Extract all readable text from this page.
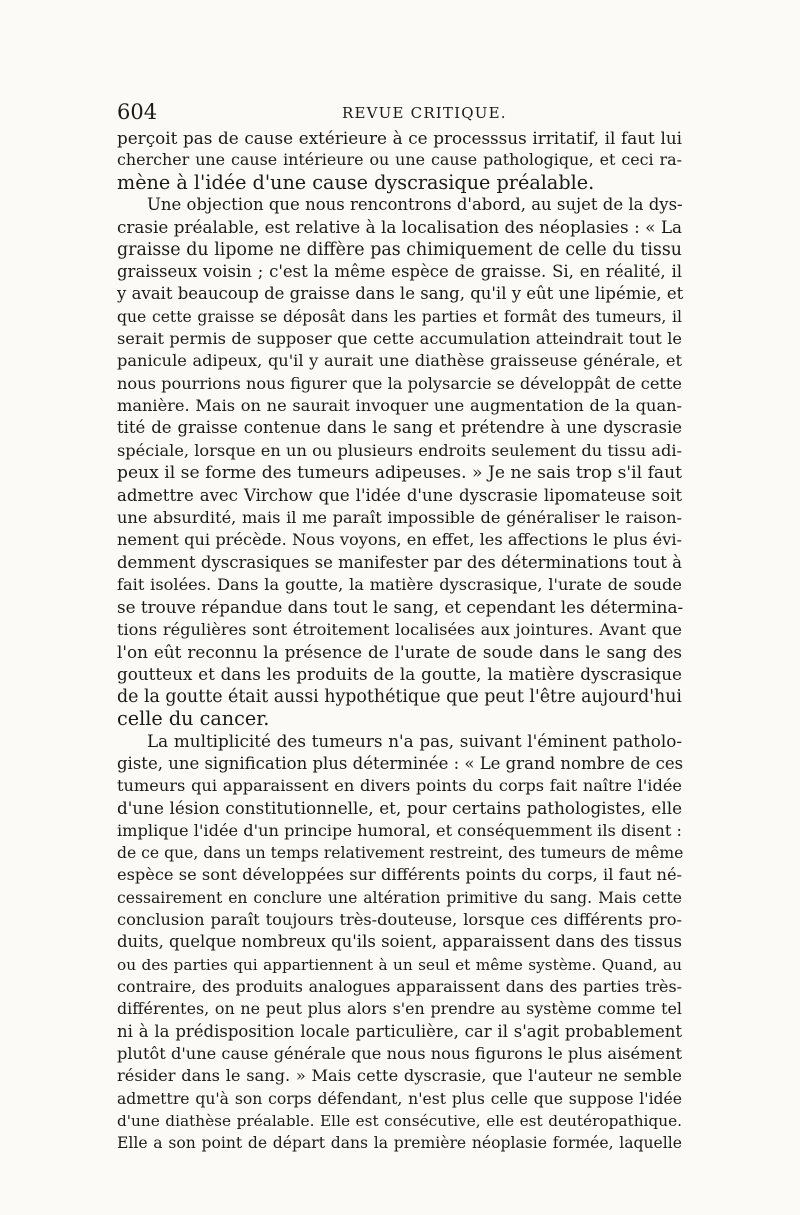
604	REVUE CRITIQUE.
perçoit pas de cause extérieure à ce processsus irritatif, il faut lui
chercher une cause intérieure ou une cause pathologique, et ceci ra-
mène à l'idée d'une cause dyscrasique préalable.
Une objection que nous rencontrons d'abord, au sujet de la dys-
crasie préalable, est relative à la localisation des néoplasies : « La
graisse du lipome ne diffère pas chimiquement de celle du tissu
graisseux voisin ; c'est la même espèce de graisse. Si, en réalité, il
y avait beaucoup de graisse dans le sang, qu'il y eût une lipémie, et
que cette graisse se déposât dans les parties et formât des tumeurs, il
serait permis de supposer que cette accumulation atteindrait tout le
panicule adipeux, qu'il y aurait une diathèse graisseuse générale, et
nous pourrions nous figurer que la polysarcie se développât de cette
manière. Mais on ne saurait invoquer une augmentation de la quan-
tité de graisse contenue dans le sang et prétendre à une dyscrasie
spéciale, lorsque en un ou plusieurs endroits seulement du tissu adi-
peux il se forme des tumeurs adipeuses. » Je ne sais trop s'il faut
admettre avec Virchow que l'idée d'une dyscrasie lipomateuse soit
une absurdité, mais il me paraît impossible de généraliser le raison-
nement qui précède. Nous voyons, en effet, les affections le plus évi-
demment dyscrasiques se manifester par des déterminations tout à
fait isolées. Dans la goutte, la matière dyscrasique, l'urate de soude
se trouve répandue dans tout le sang, et cependant les détermina-
tions régulières sont étroitement localisées aux jointures. Avant que
l'on eût reconnu la présence de l'urate de soude dans le sang des
goutteux et dans les produits de la goutte, la matière dyscrasique
de la goutte était aussi hypothétique que peut l'être aujourd'hui
celle du cancer.
La multiplicité des tumeurs n'a pas, suivant l'éminent patholo-
giste, une signification plus déterminée : « Le grand nombre de ces
tumeurs qui apparaissent en divers points du corps fait naître l'idée
d'une lésion constitutionnelle, et, pour certains pathologistes, elle
implique l'idée d'un principe humoral, et conséquemment ils disent :
de ce que, dans un temps relativement restreint, des tumeurs de même
espèce se sont développées sur différents points du corps, il faut né-
cessairement en conclure une altération primitive du sang. Mais cette
conclusion paraît toujours très-douteuse, lorsque ces différents pro-
duits, quelque nombreux qu'ils soient, apparaissent dans des tissus
ou des parties qui appartiennent à un seul et même système. Quand, au
contraire, des produits analogues apparaissent dans des parties très-
différentes, on ne peut plus alors s'en prendre au système comme tel
ni à la prédisposition locale particulière, car il s'agit probablement
plutôt d'une cause générale que nous nous figurons le plus aisément
résider dans le sang. » Mais cette dyscrasie, que l'auteur ne semble
admettre qu'à son corps défendant, n'est plus celle que suppose l'idée
d'une diathèse préalable. Elle est consécutive, elle est deutéropathique.
Elle a son point de départ dans la première néoplasie formée, laquelle
